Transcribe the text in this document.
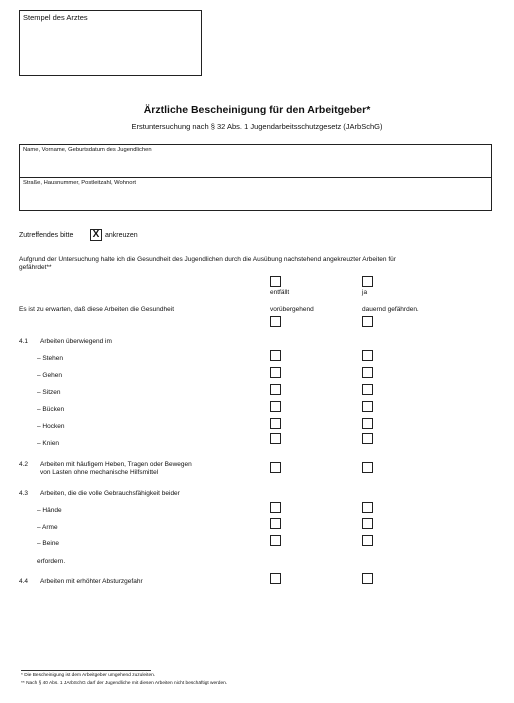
Stempel des Arztes
Ärztliche Bescheinigung für den Arbeitgeber*
Erstuntersuchung nach § 32 Abs. 1 Jugendarbeitsschutzgesetz (JArbSchG)
Name, Vorname, Geburtsdatum des Jugendlichen
Straße, Hausnummer, Postleitzahl, Wohnort
Zutreffendes bitte X ankreuzen
Aufgrund der Untersuchung halte ich die Gesundheit des Jugendlichen durch die Ausübung nachstehend angekreuzter Arbeiten für
gefährdet**
entfällt	ja
Es ist zu erwarten, daß diese Arbeiten die Gesundheit	vorübergehend	dauernd gefährden.
4.1 Arbeiten überwiegend im
– Stehen
– Gehen
– Sitzen
– Bücken
– Hocken
– Knien
4.2 Arbeiten mit häufigem Heben, Tragen oder Bewegen
von Lasten ohne mechanische Hilfsmittel
4.3 Arbeiten, die die volle Gebrauchsfähigkeit beider
– Hände
– Arme
– Beine
erfordern.
4.4 Arbeiten mit erhöhter Absturzgefahr
* Die Bescheinigung ist dem Arbeitgeber umgehend zuzuleiten.
** Nach § 40 Abs. 1 JArbSchG darf der Jugendliche mit diesen Arbeiten nicht beschäftigt werden.
